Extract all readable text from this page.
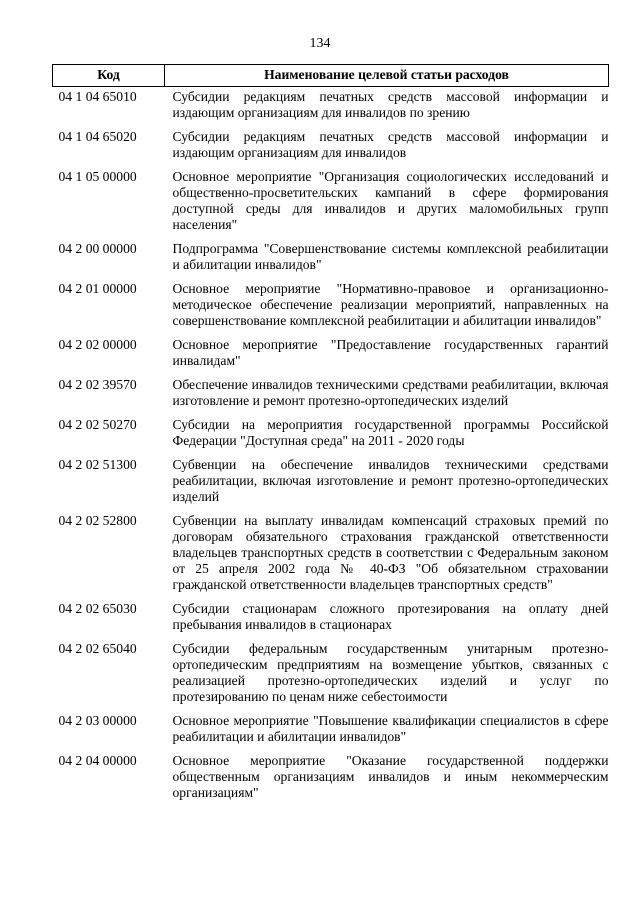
134
Код	Наименование целевой статьи расходов
04 1 04 65010	Субсидии редакциям печатных средств массовой информации и издающим организациям для инвалидов по зрению
04 1 04 65020	Субсидии редакциям печатных средств массовой информации и издающим организациям для инвалидов
04 1 05 00000	Основное мероприятие "Организация социологических исследований и общественно-просветительских кампаний в сфере формирования доступной среды для инвалидов и других маломобильных групп населения"
04 2 00 00000	Подпрограмма "Совершенствование системы комплексной реабилитации и абилитации инвалидов"
04 2 01 00000	Основное мероприятие "Нормативно-правовое и организационно-методическое обеспечение реализации мероприятий, направленных на совершенствование комплексной реабилитации и абилитации инвалидов"
04 2 02 00000	Основное мероприятие "Предоставление государственных гарантий инвалидам"
04 2 02 39570	Обеспечение инвалидов техническими средствами реабилитации, включая изготовление и ремонт протезно-ортопедических изделий
04 2 02 50270	Субсидии на мероприятия государственной программы Российской Федерации "Доступная среда" на 2011 - 2020 годы
04 2 02 51300	Субвенции на обеспечение инвалидов техническими средствами реабилитации, включая изготовление и ремонт протезно-ортопедических изделий
04 2 02 52800	Субвенции на выплату инвалидам компенсаций страховых премий по договорам обязательного страхования гражданской ответственности владельцев транспортных средств в соответствии с Федеральным законом от 25 апреля 2002 года № 40-ФЗ "Об обязательном страховании гражданской ответственности владельцев транспортных средств"
04 2 02 65030	Субсидии стационарам сложного протезирования на оплату дней пребывания инвалидов в стационарах
04 2 02 65040	Субсидии федеральным государственным унитарным протезно-ортопедическим предприятиям на возмещение убытков, связанных с реализацией протезно-ортопедических изделий и услуг по протезированию по ценам ниже себестоимости
04 2 03 00000	Основное мероприятие "Повышение квалификации специалистов в сфере реабилитации и абилитации инвалидов"
04 2 04 00000	Основное мероприятие "Оказание государственной поддержки общественным организациям инвалидов и иным некоммерческим организациям"
